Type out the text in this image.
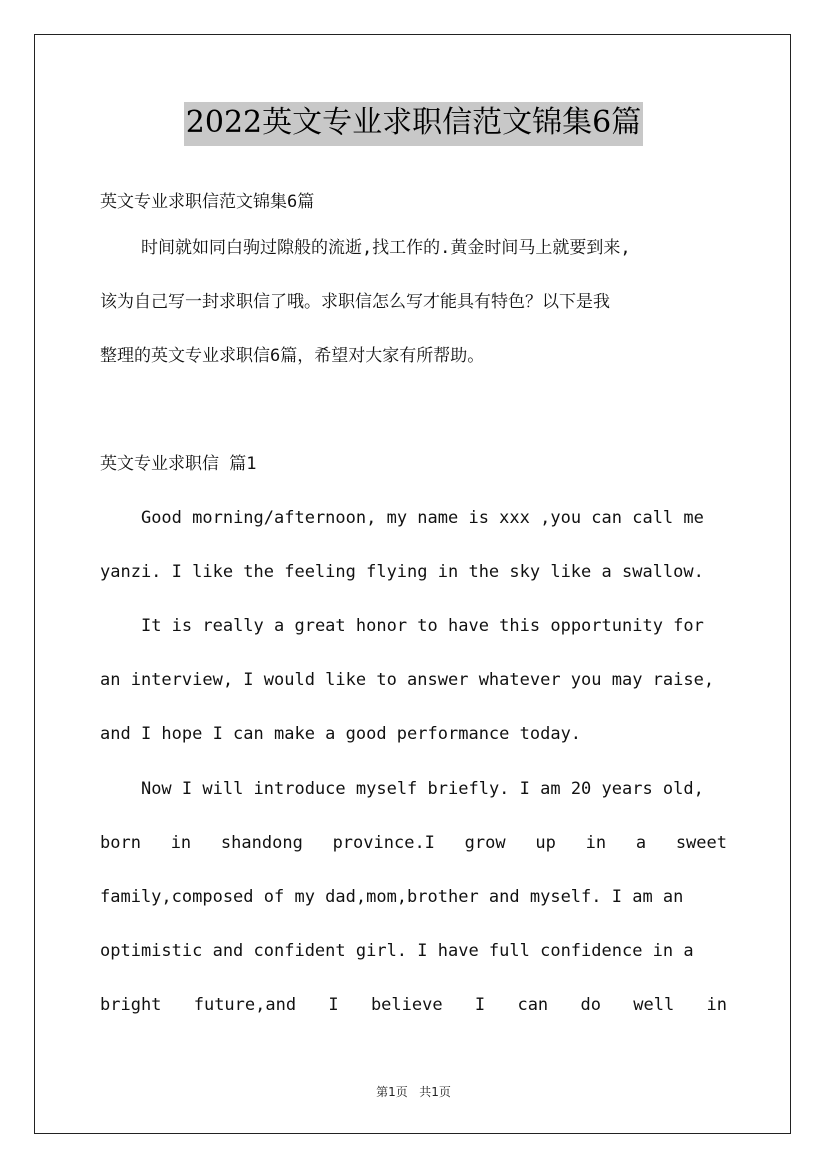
2022英文专业求职信范文锦集6篇

英文专业求职信范文锦集6篇

时间就如同白驹过隙般的流逝,找工作的.黄金时间马上就要到来,

该为自己写一封求职信了哦。求职信怎么写才能具有特色？以下是我

整理的英文专业求职信6篇，希望对大家有所帮助。

英文专业求职信 篇1

Good morning/afternoon, my name is xxx ,you can call me

yanzi. I like the feeling flying in the sky like a swallow.

It is really a great honor to have this opportunity for

an interview, I would like to answer whatever you may raise,

and I hope I can make a good performance today.

Now I will introduce myself briefly. I am 20 years old,

born in shandong province.I grow up in a sweet

family,composed of my dad,mom,brother and myself. I am an

optimistic and confident girl. I have full confidence in a

bright future,and I believe I can do well in

第1页 共1页
